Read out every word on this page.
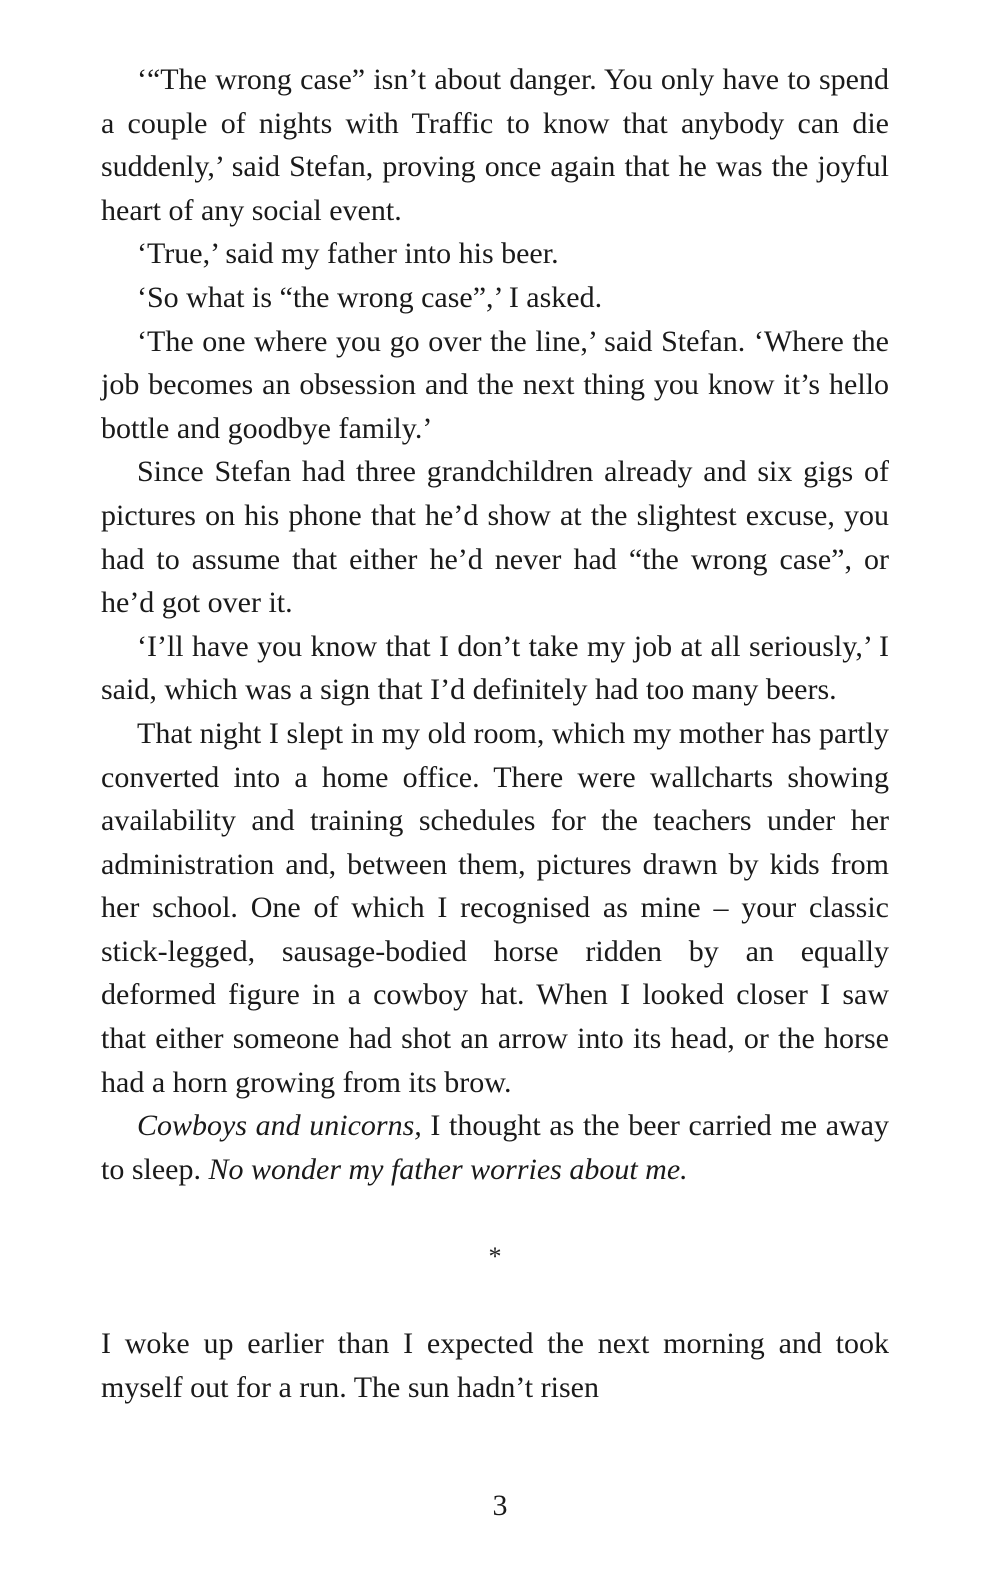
‘“The wrong case” isn’t about danger. You only have to spend a couple of nights with Traffic to know that anybody can die suddenly,’ said Stefan, proving once again that he was the joyful heart of any social event.

‘True,’ said my father into his beer.

‘So what is “the wrong case”,’ I asked.

‘The one where you go over the line,’ said Stefan. ‘Where the job becomes an obsession and the next thing you know it’s hello bottle and goodbye family.’

Since Stefan had three grandchildren already and six gigs of pictures on his phone that he’d show at the slightest excuse, you had to assume that either he’d never had “the wrong case”, or he’d got over it.

‘I’ll have you know that I don’t take my job at all seriously,’ I said, which was a sign that I’d definitely had too many beers.

That night I slept in my old room, which my mother has partly converted into a home office. There were wallcharts showing availability and training schedules for the teachers under her administration and, between them, pictures drawn by kids from her school. One of which I recognised as mine – your classic stick-legged, sausage-bodied horse ridden by an equally deformed figure in a cowboy hat. When I looked closer I saw that either someone had shot an arrow into its head, or the horse had a horn growing from its brow.

Cowboys and unicorns, I thought as the beer carried me away to sleep. No wonder my father worries about me.

*

I woke up earlier than I expected the next morning and took myself out for a run. The sun hadn’t risen

3
